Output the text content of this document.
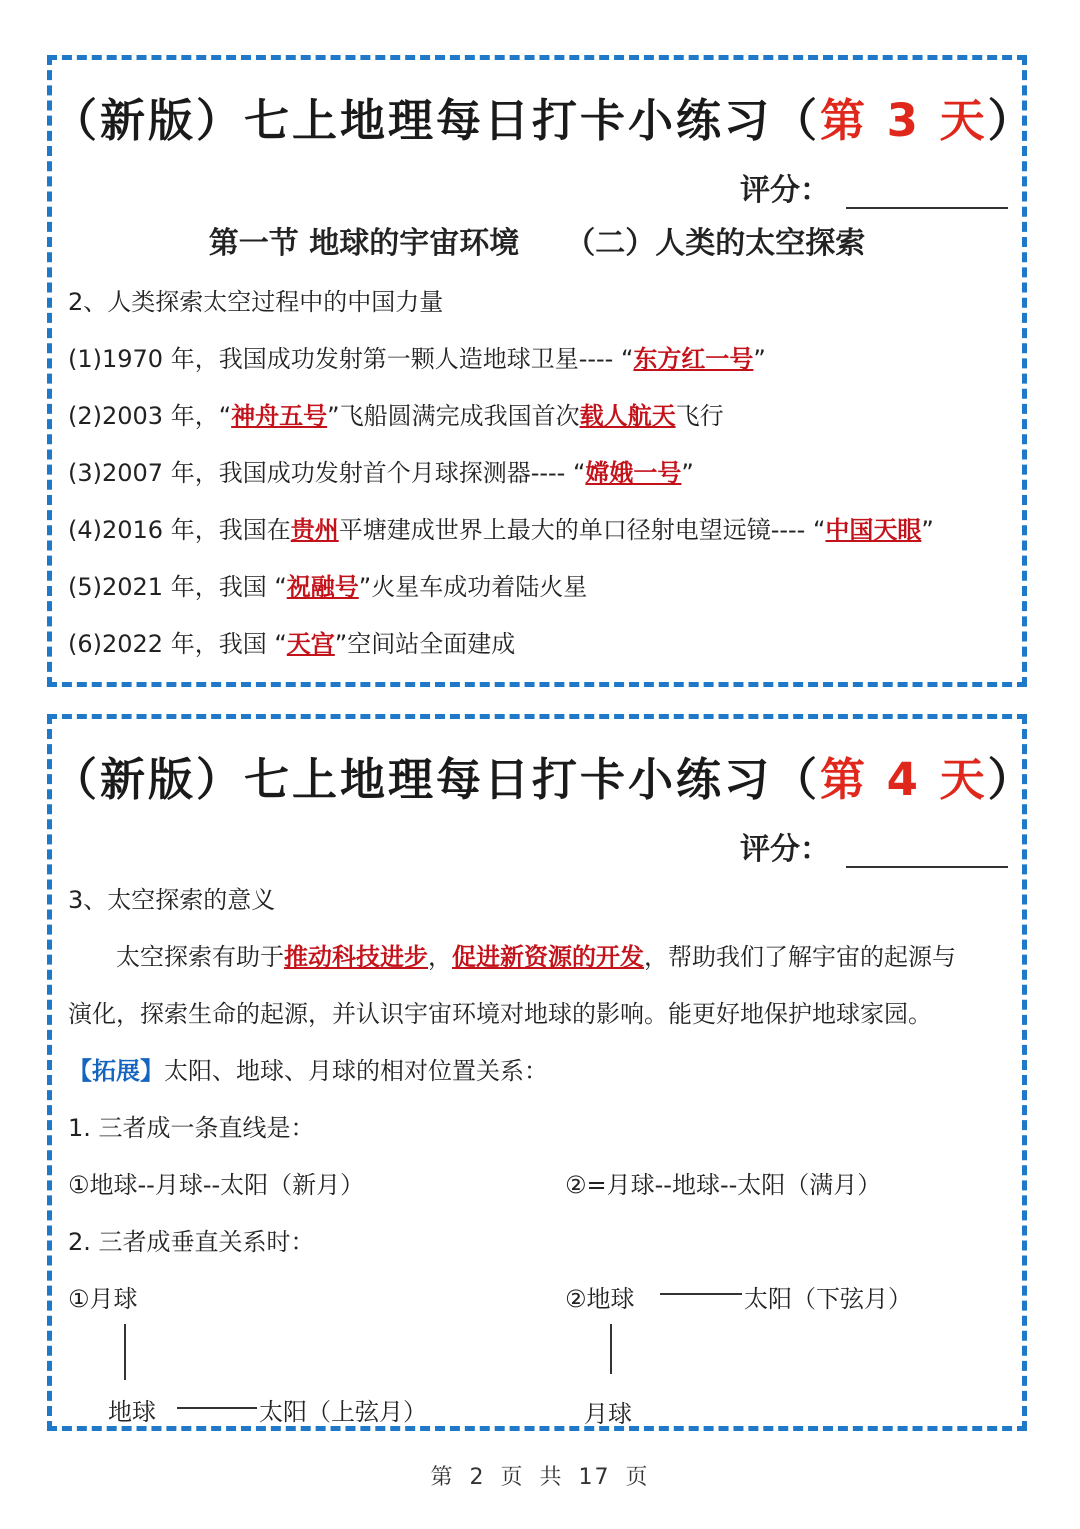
（新版）七上地理每日打卡小练习（第 3 天）
评分：
第一节 地球的宇宙环境 （二）人类的太空探索
2、人类探索太空过程中的中国力量
(1)1970 年，我国成功发射第一颗人造地球卫星---- “东方红一号”
(2)2003 年，“神舟五号”飞船圆满完成我国首次载人航天飞行
(3)2007 年，我国成功发射首个月球探测器---- “嫦娥一号”
(4)2016 年，我国在贵州平塘建成世界上最大的单口径射电望远镜---- “中国天眼”
(5)2021 年，我国 “祝融号”火星车成功着陆火星
(6)2022 年，我国 “天宫”空间站全面建成
（新版）七上地理每日打卡小练习（第 4 天）
评分：
3、太空探索的意义
太空探索有助于推动科技进步，促进新资源的开发，帮助我们了解宇宙的起源与
演化，探索生命的起源，并认识宇宙环境对地球的影响。能更好地保护地球家园。
【拓展】太阳、地球、月球的相对位置关系：
1. 三者成一条直线是：
①地球--月球--太阳（新月）	②=月球--地球--太阳（满月）
2. 三者成垂直关系时：
①月球
地球	太阳（上弦月）
②地球	太阳（下弦月）
月球
第 2 页 共 17 页
